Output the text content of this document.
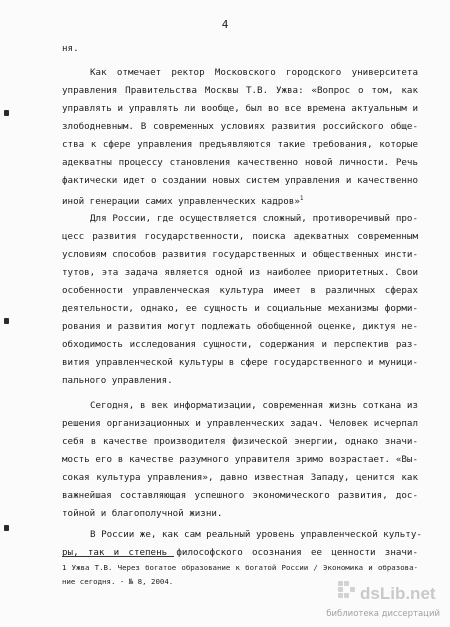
4
ня.
Как отмечает ректор Московского городского университета
управления Правительства Москвы Т.В. Ужва: «Вопрос о том, как
управлять и управлять ли вообще, был во все времена актуальным и
злободневным. В современных условиях развития российского обще-
ства к сфере управления предъявляются такие требования, которые
адекватны процессу становления качественно новой личности. Речь
фактически идет о создании новых систем управления и качественно
иной генерации самих управленческих кадров»$^1$
Для России, где осуществляется сложный, противоречивый про-
цесс развития государственности, поиска адекватных современным
условиям способов развития государственных и общественных инсти-
тутов, эта задача является одной из наиболее приоритетных. Свои
особенности управленческая культура имеет в различных сферах
деятельности, однако, ее сущность и социальные механизмы форми-
рования и развития могут подлежать обобщенной оценке, диктуя не-
обходимость исследования сущности, содержания и перспектив раз-
вития управленческой культуры в сфере государственного и муници-
пального управления.
Сегодня, в век информатизации, современная жизнь соткана из
решения организационных и управленческих задач. Человек исчерпал
себя в качестве производителя физической энергии, однако значи-
мость его в качестве разумного управителя зримо возрастает. «Вы-
сокая культура управления», давно известная Западу, ценится как
важнейшая составляющая успешного экономического развития, дос-
тойной и благополучной жизни.
В России же, как сам реальный уровень управленческой культу-
ры, так и степень философского осознания ее ценности значи-
1 Ужва Т.В. Через богатое образование к богатой России / Экономика и образова-
ние сегодня. - № 8, 2004.
dsLib.net
библиотека диссертаций
